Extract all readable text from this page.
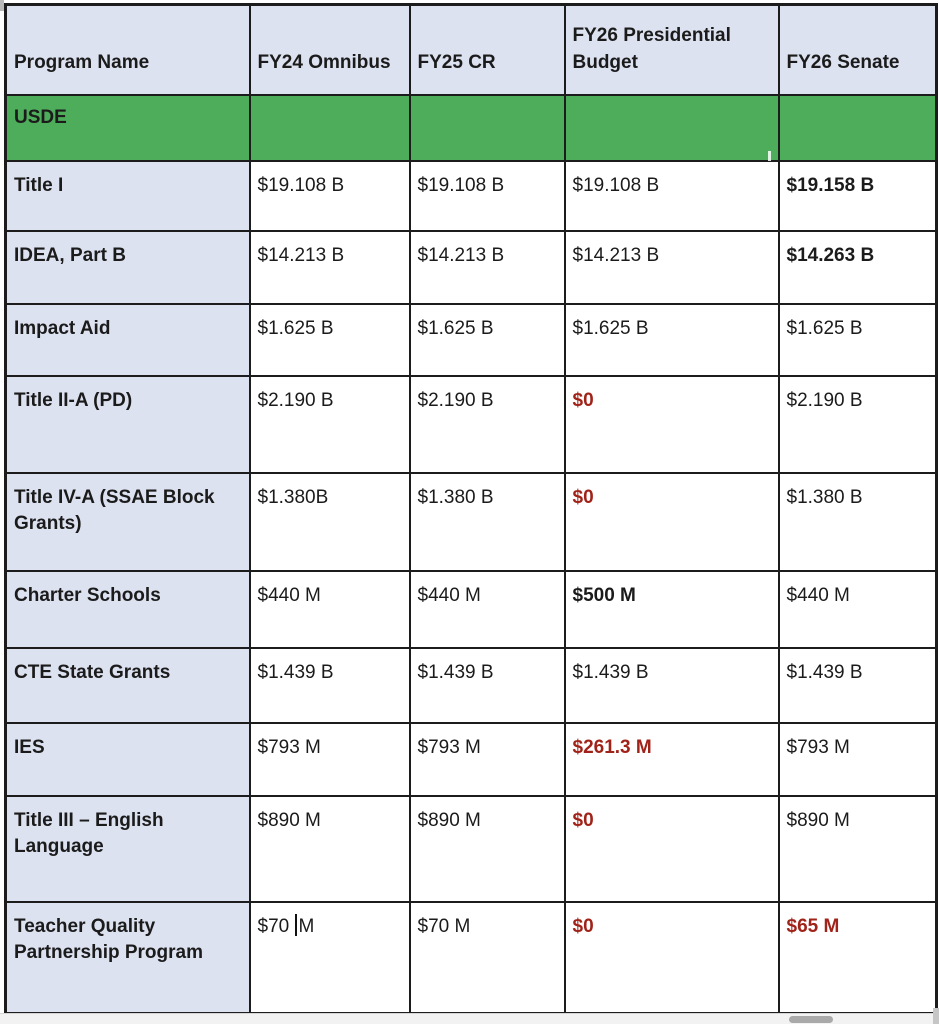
Program Name	FY24 Omnibus	FY25 CR	FY26 Presidential Budget	FY26 Senate
USDE				
Title I	$19.108 B	$19.108 B	$19.108 B	$19.158 B
IDEA, Part B	$14.213 B	$14.213 B	$14.213 B	$14.263 B
Impact Aid	$1.625 B	$1.625 B	$1.625 B	$1.625 B
Title II-A (PD)	$2.190 B	$2.190 B	$0	$2.190 B
Title IV-A (SSAE Block Grants)	$1.380B	$1.380 B	$0	$1.380 B
Charter Schools	$440 M	$440 M	$500 M	$440 M
CTE State Grants	$1.439 B	$1.439 B	$1.439 B	$1.439 B
IES	$793 M	$793 M	$261.3 M	$793 M
Title III – English Language	$890 M	$890 M	$0	$890 M
Teacher Quality Partnership Program	$70 M	$70 M	$0	$65 M
